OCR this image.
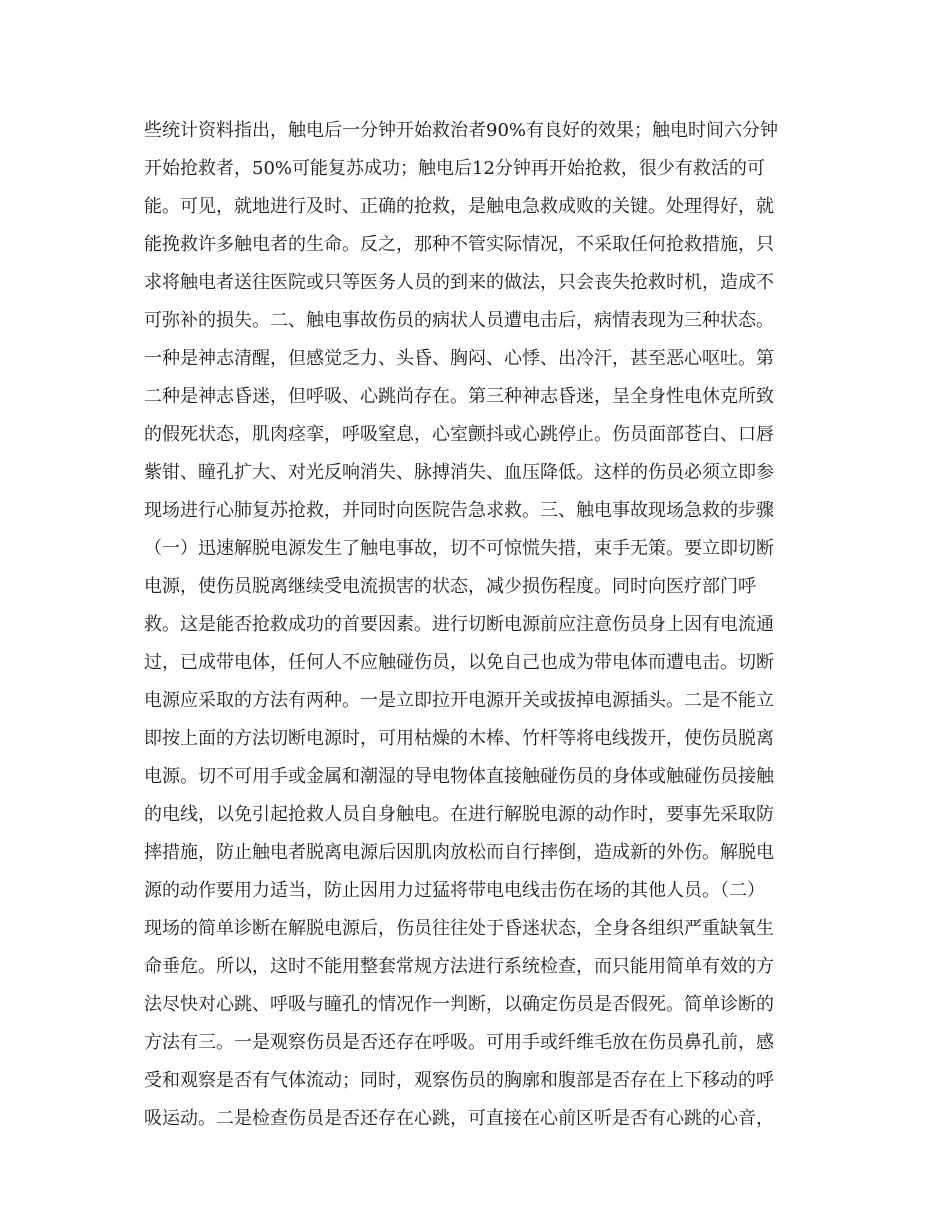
些统计资料指出，触电后一分钟开始救治者90%有良好的效果；触电时间六分钟
开始抢救者，50%可能复苏成功；触电后12分钟再开始抢救，很少有救活的可
能。可见，就地进行及时、正确的抢救，是触电急救成败的关键。处理得好，就
能挽救许多触电者的生命。反之，那种不管实际情况，不采取任何抢救措施，只
求将触电者送往医院或只等医务人员的到来的做法，只会丧失抢救时机，造成不
可弥补的损失。二、触电事故伤员的病状人员遭电击后，病情表现为三种状态。
一种是神志清醒，但感觉乏力、头昏、胸闷、心悸、出冷汗，甚至恶心呕吐。第
二种是神志昏迷，但呼吸、心跳尚存在。第三种神志昏迷，呈全身性电休克所致
的假死状态，肌肉痉挛，呼吸窒息，心室颤抖或心跳停止。伤员面部苍白、口唇
紫钳、瞳孔扩大、对光反响消失、脉搏消失、血压降低。这样的伤员必须立即参
现场进行心肺复苏抢救，并同时向医院告急求救。三、触电事故现场急救的步骤
（一）迅速解脱电源发生了触电事故，切不可惊慌失措，束手无策。要立即切断
电源，使伤员脱离继续受电流损害的状态，减少损伤程度。同时向医疗部门呼
救。这是能否抢救成功的首要因素。进行切断电源前应注意伤员身上因有电流通
过，已成带电体，任何人不应触碰伤员，以免自己也成为带电体而遭电击。切断
电源应采取的方法有两种。一是立即拉开电源开关或拔掉电源插头。二是不能立
即按上面的方法切断电源时，可用枯燥的木棒、竹杆等将电线拨开，使伤员脱离
电源。切不可用手或金属和潮湿的导电物体直接触碰伤员的身体或触碰伤员接触
的电线，以免引起抢救人员自身触电。在进行解脱电源的动作时，要事先采取防
摔措施，防止触电者脱离电源后因肌肉放松而自行摔倒，造成新的外伤。解脱电
源的动作要用力适当，防止因用力过猛将带电电线击伤在场的其他人员。（二）
现场的简单诊断在解脱电源后，伤员往往处于昏迷状态，全身各组织严重缺氧生
命垂危。所以，这时不能用整套常规方法进行系统检查，而只能用简单有效的方
法尽快对心跳、呼吸与瞳孔的情况作一判断，以确定伤员是否假死。简单诊断的
方法有三。一是观察伤员是否还存在呼吸。可用手或纤维毛放在伤员鼻孔前，感
受和观察是否有气体流动；同时，观察伤员的胸廓和腹部是否存在上下移动的呼
吸运动。二是检查伤员是否还存在心跳，可直接在心前区听是否有心跳的心音，
